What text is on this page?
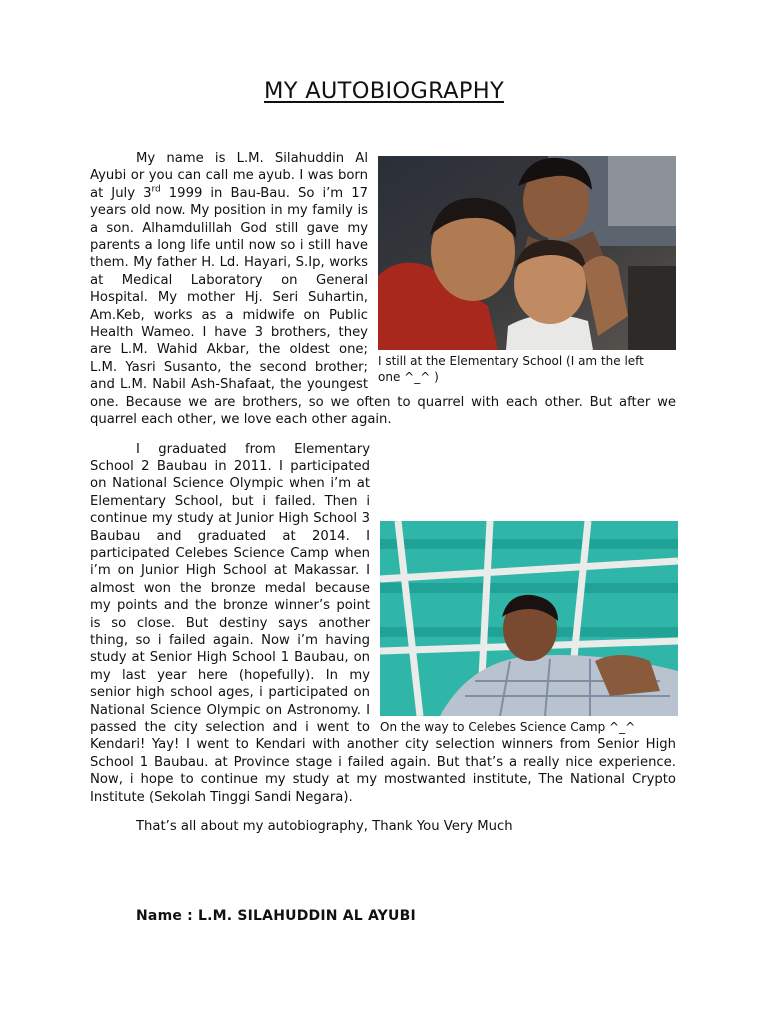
MY AUTOBIOGRAPHY

I still at the Elementary School (I am the left one ^_^ )
My name is L.M. Silahuddin Al Ayubi or you can call me ayub. I was born at July 3rd 1999 in Bau-Bau. So i’m 17 years old now. My position in my family is a son. Alhamdulillah God still gave my parents a long life until now so i still have them. My father H. Ld. Hayari, S.Ip, works at Medical Laboratory on General Hospital. My mother Hj. Seri Suhartin, Am.Keb, works as a midwife on Public Health Wameo. I have 3 brothers, they are L.M. Wahid Akbar, the oldest one; L.M. Yasri Susanto, the second brother; and L.M. Nabil Ash-Shafaat, the youngest one. Because we are brothers, so we often to quarrel with each other. But after we quarrel each other, we love each other again.

On the way to Celebes Science Camp ^_^
I graduated from Elementary School 2 Baubau in 2011. I participated on National Science Olympic when i’m at Elementary School, but i failed. Then i continue my study at Junior High School 3 Baubau and graduated at 2014. I participated Celebes Science Camp when i’m on Junior High School at Makassar. I almost won the bronze medal because my points and the bronze winner’s point is so close. But destiny says another thing, so i failed again. Now i’m having study at Senior High School 1 Baubau, on my last year here (hopefully). In my senior high school ages, i participated on National Science Olympic on Astronomy. I passed the city selection and i went to Kendari! Yay! I went to Kendari with another city selection winners from Senior High School 1 Baubau. at Province stage i failed again. But that’s a really nice experience. Now, i hope to continue my study at my mostwanted institute, The National Crypto Institute (Sekolah Tinggi Sandi Negara).

That’s all about my autobiography, Thank You Very Much

Name : L.M. SILAHUDDIN AL AYUBI
